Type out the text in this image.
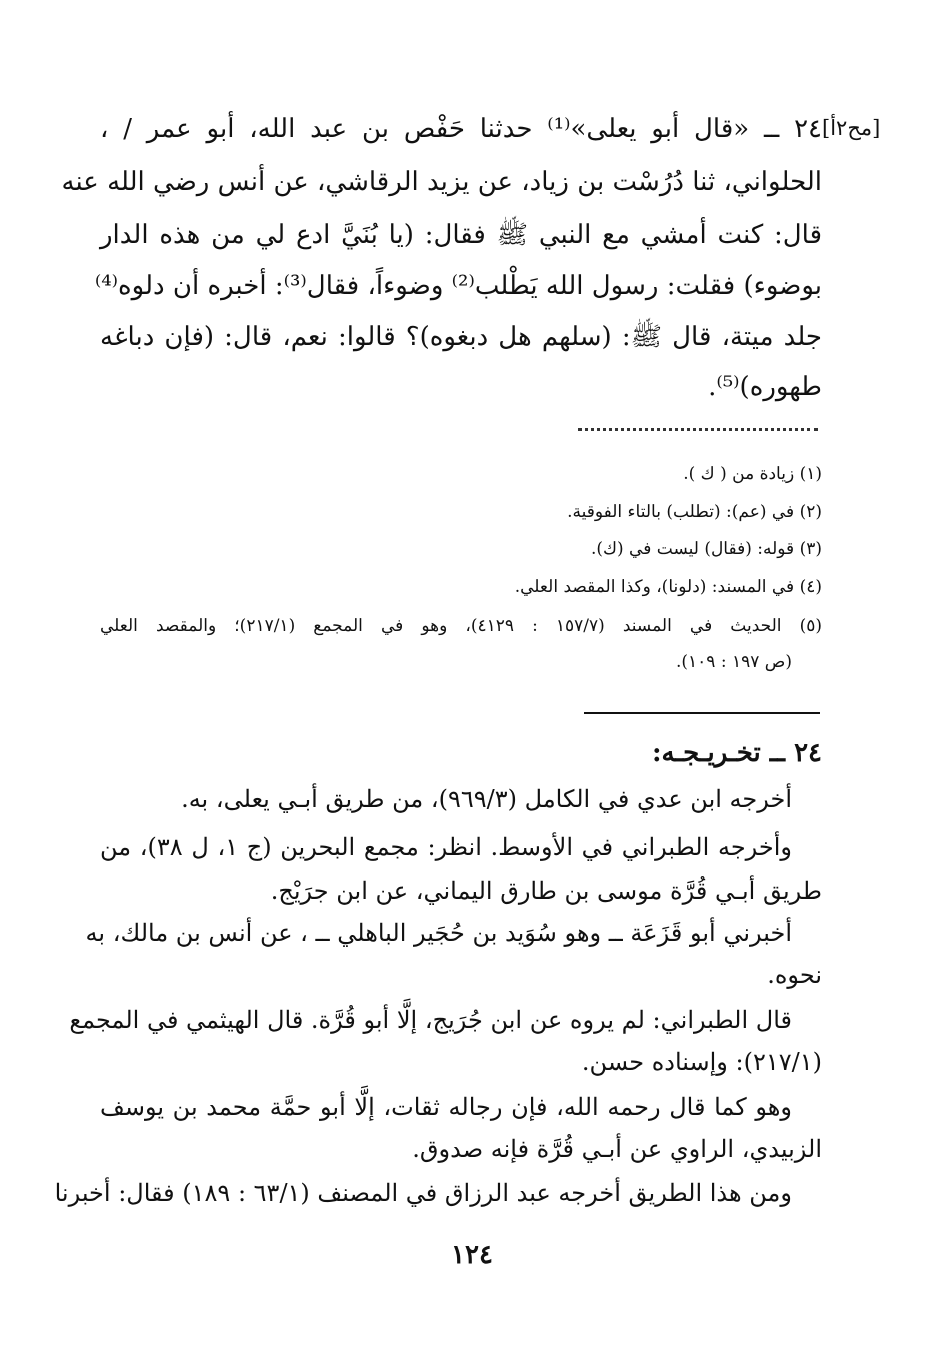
[مح٢أ]
٢٤ ــ «قال أبو يعلى»⁽¹⁾ حدثنا حَفْص بن عبد الله، أبو عمر / ،
الحلواني، ثنا دُرُسْت بن زياد، عن يزيد الرقاشي، عن أنس رضي الله عنه
قال: كنت أمشي مع النبي ﷺ فقال: (يا بُنَيَّ ادع لي من هذه الدار
بوضوء) فقلت: رسول الله يَطْلب⁽²⁾ وضوءاً، فقال⁽³⁾: أخبره أن دلوه⁽⁴⁾
جلد ميتة، قال ﷺ: (سلهم هل دبغوه)؟ قالوا: نعم، قال: (فإن دباغه
طهوره)⁽⁵⁾.
(١) زيادة من ( ك ).
(٢) في (عم): (تطلب) بالتاء الفوقية.
(٣) قوله: (فقال) ليست في (ك).
(٤) في المسند: (دلونا)، وكذا المقصد العلي.
(٥) الحديث في المسند (١٥٧/٧ : ٤١٢٩)، وهو في المجمع (٢١٧/١)؛ والمقصد العلي
(ص ١٩٧ : ١٠٩).
٢٤ ــ تخـريـجـه:
أخرجه ابن عدي في الكامل (٩٦٩/٣)، من طريق أبـي يعلى، به.
وأخرجه الطبراني في الأوسط. انظر: مجمع البحرين (ج ١، ل ٣٨)، من
طريق أبـي قُرَّة موسى بن طارق اليماني، عن ابن جرَيْج.
أخبرني أبو قَزَعَة ــ وهو سُوَيد بن حُجَير الباهلي ــ ، عن أنس بن مالك، به
نحوه.
قال الطبراني: لم يروه عن ابن جُرَيج، إلَّا أبو قُرَّة. قال الهيثمي في المجمع
(٢١٧/١): وإسناده حسن.
وهو كما قال رحمه الله، فإن رجاله ثقات، إلَّا أبو حمَّة محمد بن يوسف
الزبيدي، الراوي عن أبـي قُرَّة فإنه صدوق.
ومن هذا الطريق أخرجه عبد الرزاق في المصنف (٦٣/١ : ١٨٩) فقال: أخبرنا
١٢٤
